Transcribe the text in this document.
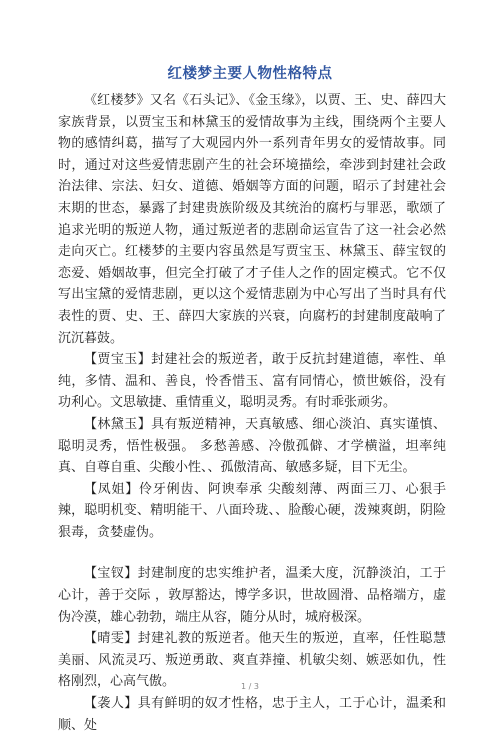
红楼梦主要人物性格特点

《红楼梦》又名《石头记》、《金玉缘》，以贾、王、史、薛四大家族背景，以贾宝玉和林黛玉的爱情故事为主线，围绕两个主要人物的感情纠葛，描写了大观园内外一系列青年男女的爱情故事。同时，通过对这些爱情悲剧产生的社会环境描绘，牵涉到封建社会政治法律、宗法、妇女、道德、婚姻等方面的问题，昭示了封建社会末期的世态，暴露了封建贵族阶级及其统治的腐朽与罪恶，歌颂了追求光明的叛逆人物，通过叛逆者的悲剧命运宣告了这一社会必然走向灭亡。红楼梦的主要内容虽然是写贾宝玉、林黛玉、薛宝钗的恋爱、婚姻故事，但完全打破了才子佳人之作的固定模式。它不仅写出宝黛的爱情悲剧，更以这个爱情悲剧为中心写出了当时具有代表性的贾、史、王、薛四大家族的兴衰，向腐朽的封建制度敲响了沉沉暮鼓。

【贾宝玉】封建社会的叛逆者，敢于反抗封建道德，率性、单纯，多情、温和、善良，怜香惜玉、富有同情心，愤世嫉俗，没有功利心。文思敏捷、重情重义，聪明灵秀。有时乖张顽劣。

【林黛玉】具有叛逆精神，天真敏感、细心淡泊、真实谨慎、聪明灵秀，悟性极强。 多愁善感、冷傲孤僻、才学横溢，坦率纯真、自尊自重、尖酸小性、、孤傲清高、敏感多疑，目下无尘。

【凤姐】伶牙俐齿、阿谀奉承 尖酸刻薄、两面三刀、心狠手辣，聪明机变、精明能干、八面玲珑、、脸酸心硬，泼辣爽朗，阴险狠毒，贪婪虚伪。

【宝钗】封建制度的忠实维护者，温柔大度，沉静淡泊，工于心计，善于交际 ，敦厚豁达，博学多识，世故圆滑、品格端方，虚伪冷漠，雄心勃勃，端庄从容，随分从时，城府极深。

【晴雯】封建礼教的叛逆者。他天生的叛逆，直率，任性聪慧美丽、风流灵巧、叛逆勇敢、爽直莽撞、机敏尖刻、嫉恶如仇，性格刚烈，心高气傲。

【袭人】具有鲜明的奴才性格，忠于主人，工于心计，温柔和顺、处

1 / 3
